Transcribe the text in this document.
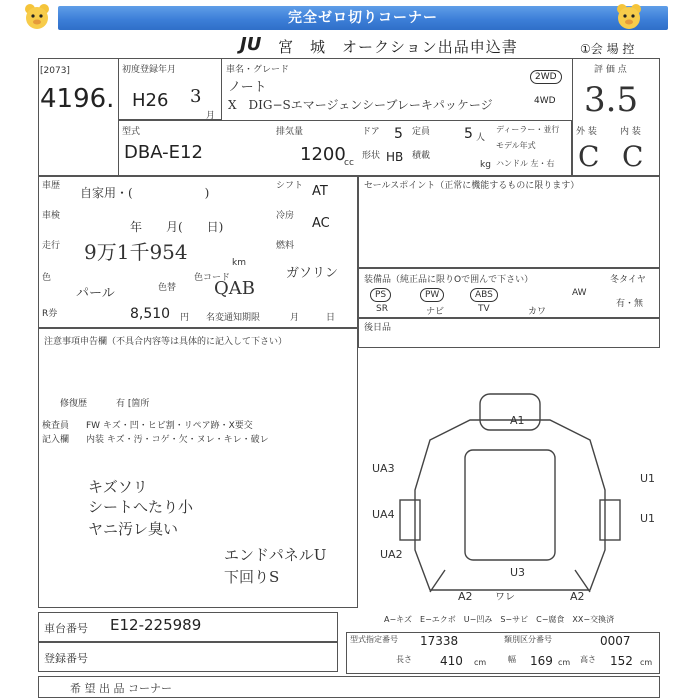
完全ゼロ切りコーナー
JU 宮　城　オークション出品申込書	①会 場 控
[2073]
4196.
初度登録年月
H26 3
月
車名・グレード
ノート
X　DIG−Sエマージェンシーブレーキパッケージ
2WD
4WD
評 価 点
3.5
外 装	内 装
C C
型式
DBA-E12
排気量
1200
cc
ドア 5 定員 5 人
形状 HB 積載
kg
ディーラー・並行
モデル年式
ハンドル 左・右
車歴 自家用・(　　　　　　)	シフト AT
車検
年　　月(　　日)
冷房 AC
走行 9万1千954	km
燃料
ガソリン
色
パール	色替
色コード
QAB
R券	8,510 円 名変通知期限	月　　　日
セールスポイント（正常に機能するものに限ります）
装備品（純正品に限りOで囲んで下さい）	冬タイヤ
PS	PW	ABS	AW
SR	ナビ	TV	カワ
有・無
後日品
注意事項申告欄（不具合内容等は具体的に記入して下さい）
修復歴	有 [箇所
検査員 FW キズ・凹・ヒビ割・リペア跡・X要交
記入欄 内装 キズ・汚・コゲ・欠・ヌレ・キレ・破レ
キズソリ
シートへたり小
ヤニ汚レ臭い
エンドパネルU
下回りS
A1
UA3
UA4
UA2
U3
U1
U1
A2	A2
ワレ
A−キズ　E−エクボ　U−凹み　S−サビ　C−腐食　XX−交換済
車台番号 E12-225989
登録番号
型式指定番号 17338	類別区分番号	0007
長さ 410 cm	幅 169 cm 高さ 152 cm
希 望 出 品 コーナー
